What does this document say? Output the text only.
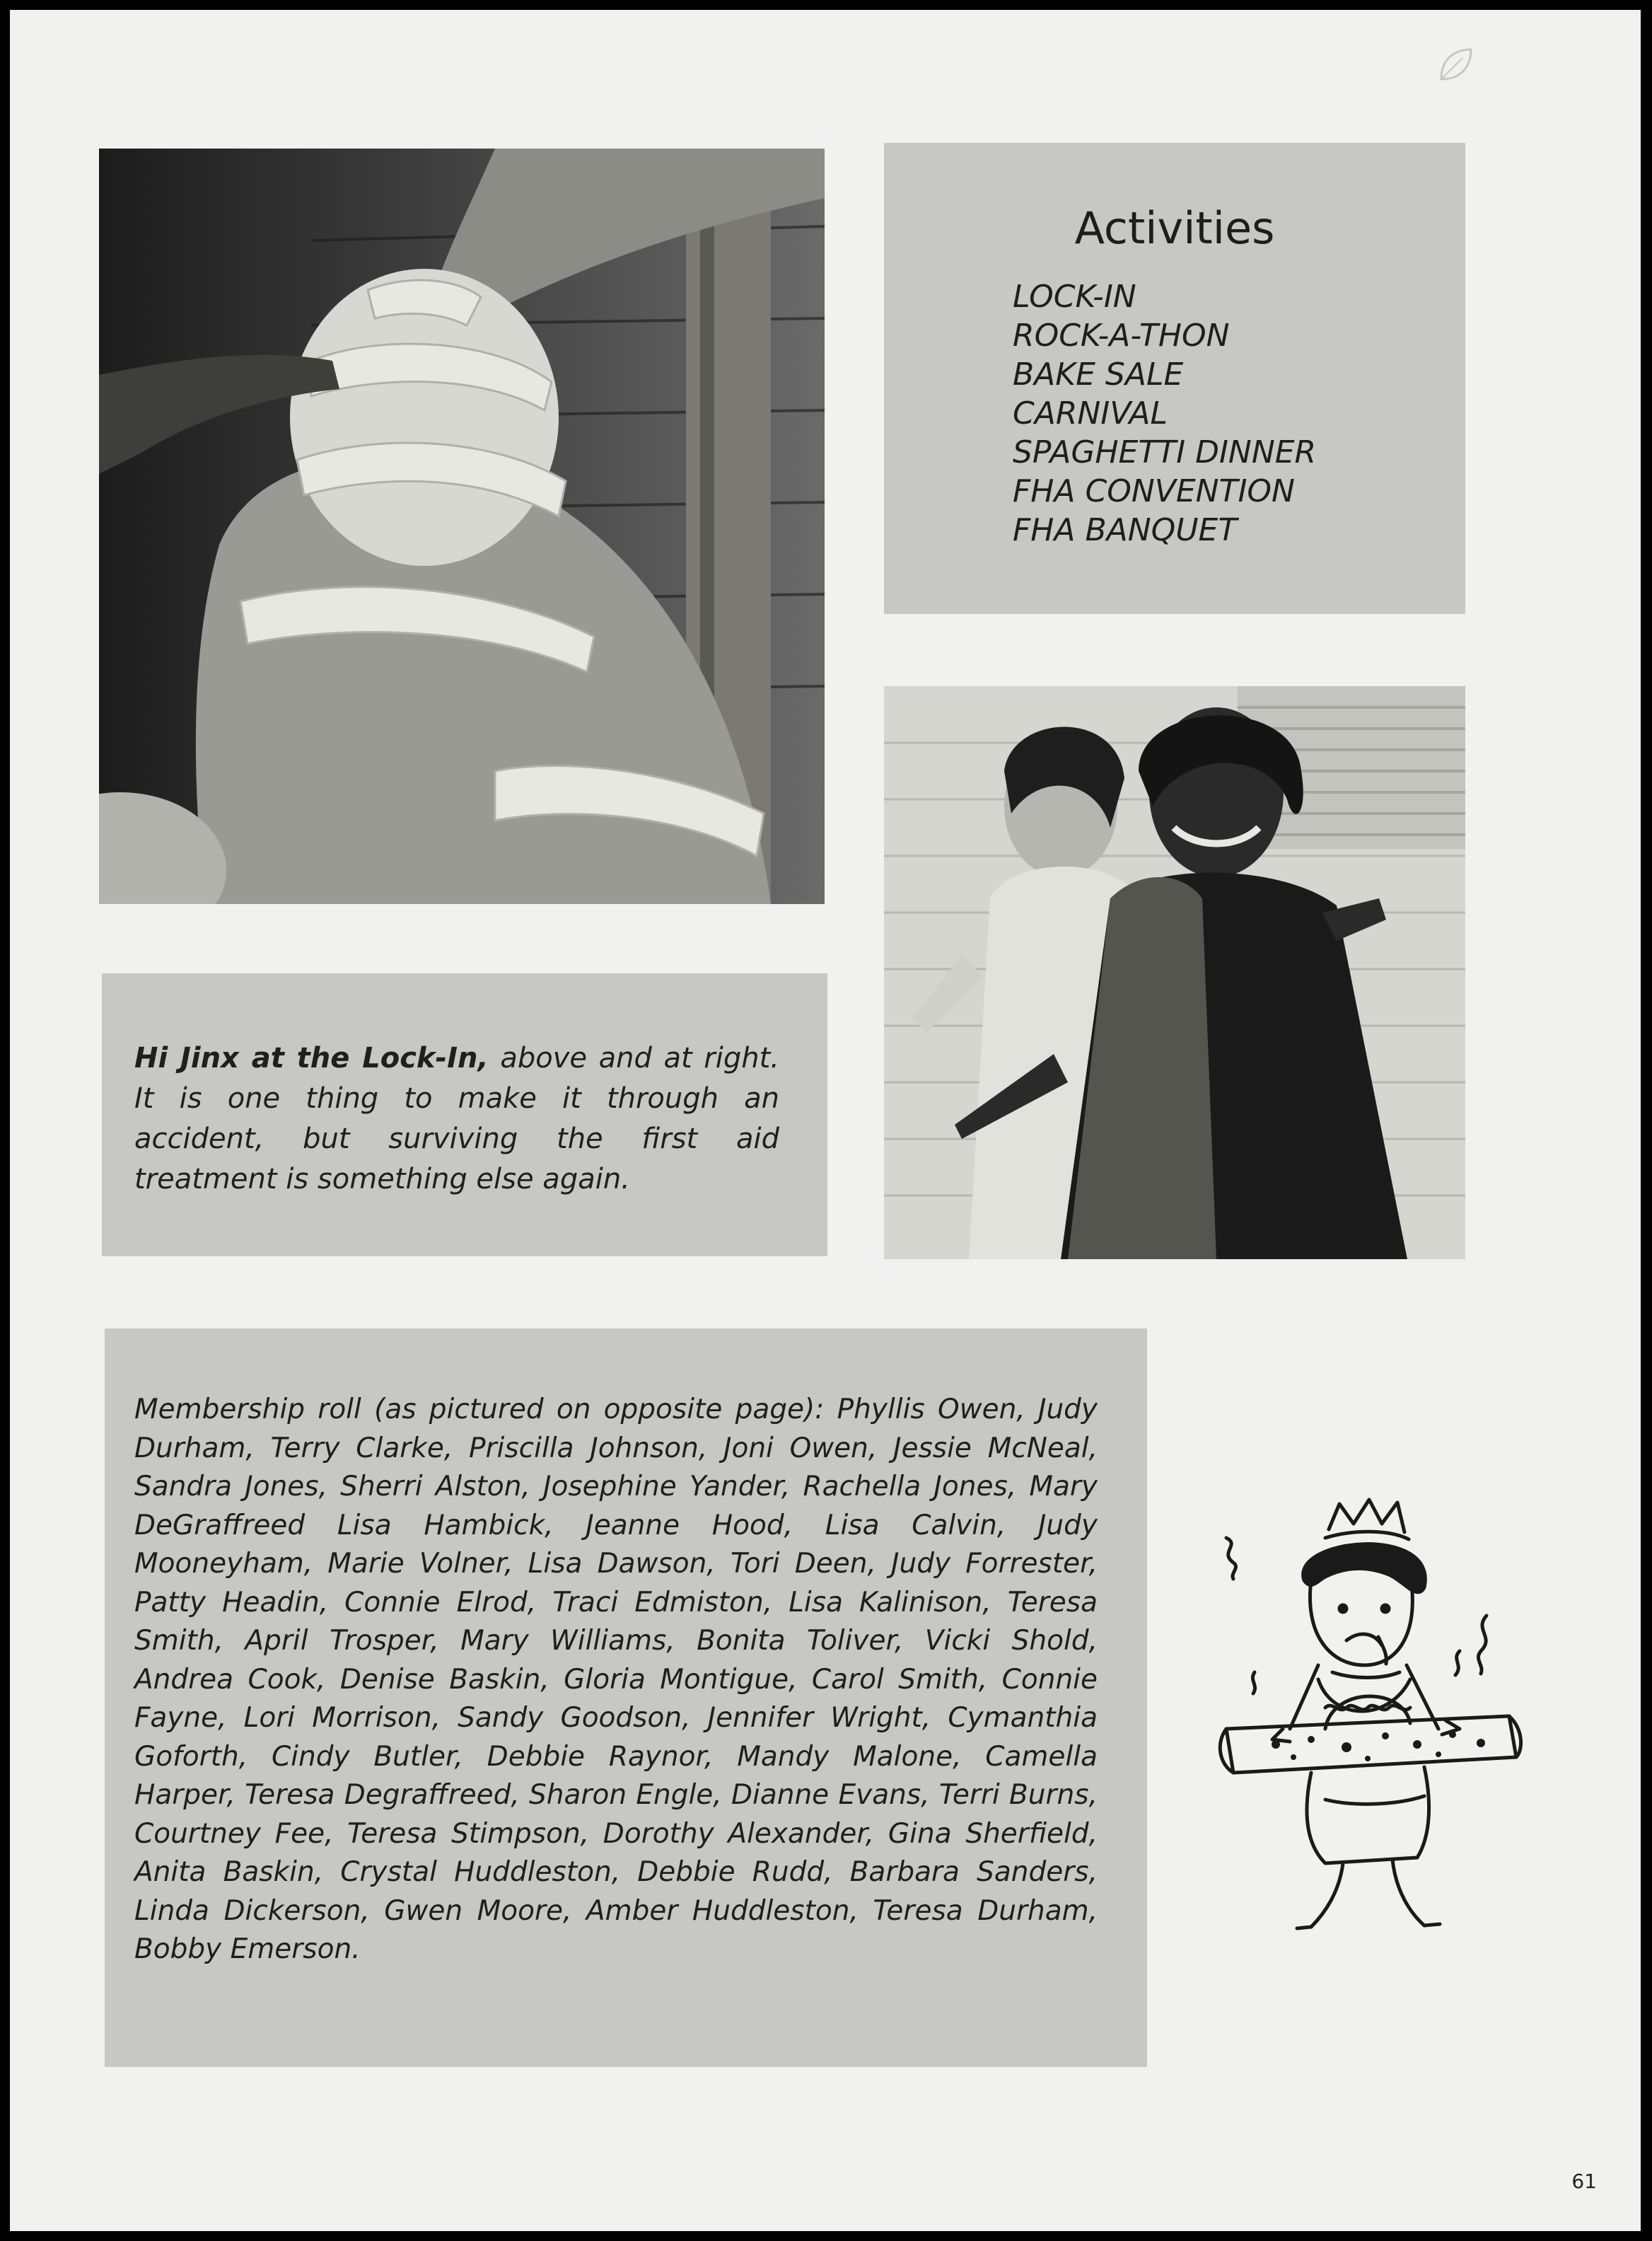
Activities
LOCK-IN
ROCK-A-THON
BAKE SALE
CARNIVAL
SPAGHETTI DINNER
FHA CONVENTION
FHA BANQUET
Hi Jinx at the Lock-In, above and at right. It is one thing to make it through an accident, but surviving the first aid treatment is something else again.
Membership roll (as pictured on opposite page): Phyllis Owen, Judy Durham, Terry Clarke, Priscilla Johnson, Joni Owen, Jessie McNeal, Sandra Jones, Sherri Alston, Josephine Yander, Rachella Jones, Mary DeGraffreed Lisa Hambick, Jeanne Hood, Lisa Calvin, Judy Mooneyham, Marie Volner, Lisa Dawson, Tori Deen, Judy Forrester, Patty Headin, Connie Elrod, Traci Edmiston, Lisa Kalinison, Teresa Smith, April Trosper, Mary Williams, Bonita Toliver, Vicki Shold, Andrea Cook, Denise Baskin, Gloria Montigue, Carol Smith, Connie Fayne, Lori Morrison, Sandy Goodson, Jennifer Wright, Cymanthia Goforth, Cindy Butler, Debbie Raynor, Mandy Malone, Camella Harper, Teresa Degraffreed, Sharon Engle, Dianne Evans, Terri Burns, Courtney Fee, Teresa Stimpson, Dorothy Alexander, Gina Sherfield, Anita Baskin, Crystal Huddleston, Debbie Rudd, Barbara Sanders, Linda Dickerson, Gwen Moore, Amber Huddleston, Teresa Durham, Bobby Emerson.
61
